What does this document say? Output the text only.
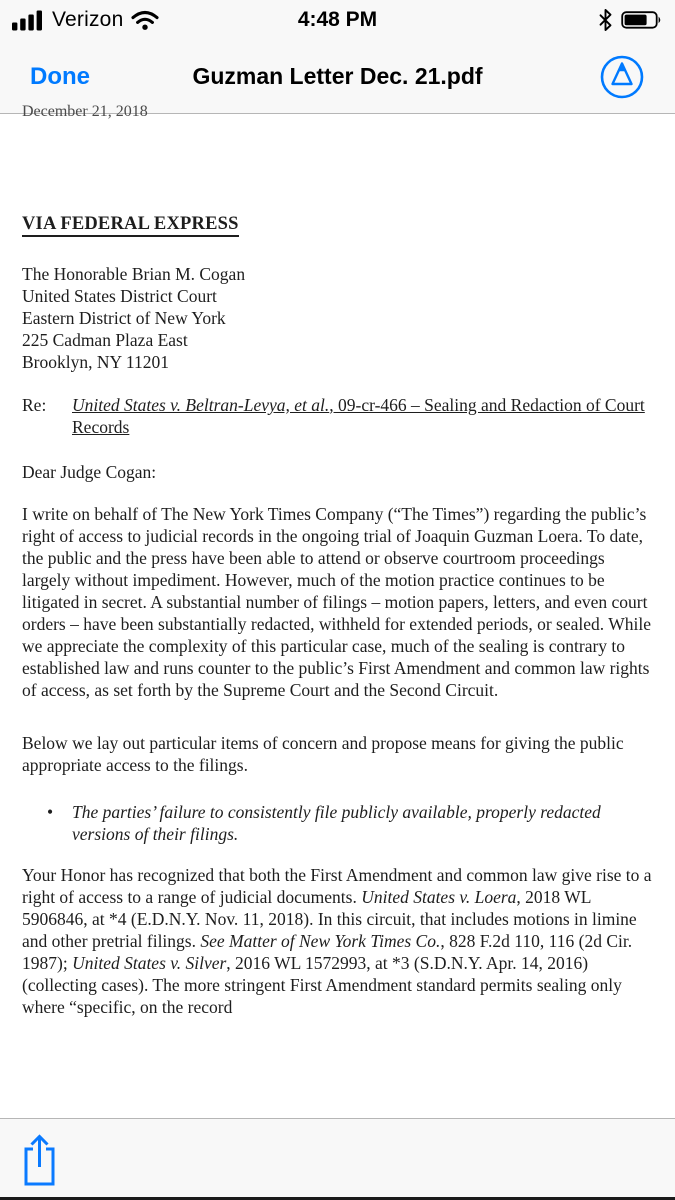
4:48 PM
Verizon
Done	Guzman Letter Dec. 21.pdf
December 21, 2018
VIA FEDERAL EXPRESS
The Honorable Brian M. Cogan
United States District Court
Eastern District of New York
225 Cadman Plaza East
Brooklyn, NY 11201
Re:	United States v. Beltran-Levya, et al., 09-cr-466 – Sealing and Redaction of Court Records
Dear Judge Cogan:
I write on behalf of The New York Times Company (“The Times”) regarding the public’s right of access to judicial records in the ongoing trial of Joaquin Guzman Loera. To date, the public and the press have been able to attend or observe courtroom proceedings largely without impediment. However, much of the motion practice continues to be litigated in secret. A substantial number of filings – motion papers, letters, and even court orders – have been substantially redacted, withheld for extended periods, or sealed. While we appreciate the complexity of this particular case, much of the sealing is contrary to established law and runs counter to the public’s First Amendment and common law rights of access, as set forth by the Supreme Court and the Second Circuit.
Below we lay out particular items of concern and propose means for giving the public appropriate access to the filings.
•	The parties’ failure to consistently file publicly available, properly redacted versions of their filings.
Your Honor has recognized that both the First Amendment and common law give rise to a right of access to a range of judicial documents. United States v. Loera, 2018 WL 5906846, at *4 (E.D.N.Y. Nov. 11, 2018). In this circuit, that includes motions in limine and other pretrial filings. See Matter of New York Times Co., 828 F.2d 110, 116 (2d Cir. 1987); United States v. Silver, 2016 WL 1572993, at *3 (S.D.N.Y. Apr. 14, 2016) (collecting cases). The more stringent First Amendment standard permits sealing only where “specific, on the record
